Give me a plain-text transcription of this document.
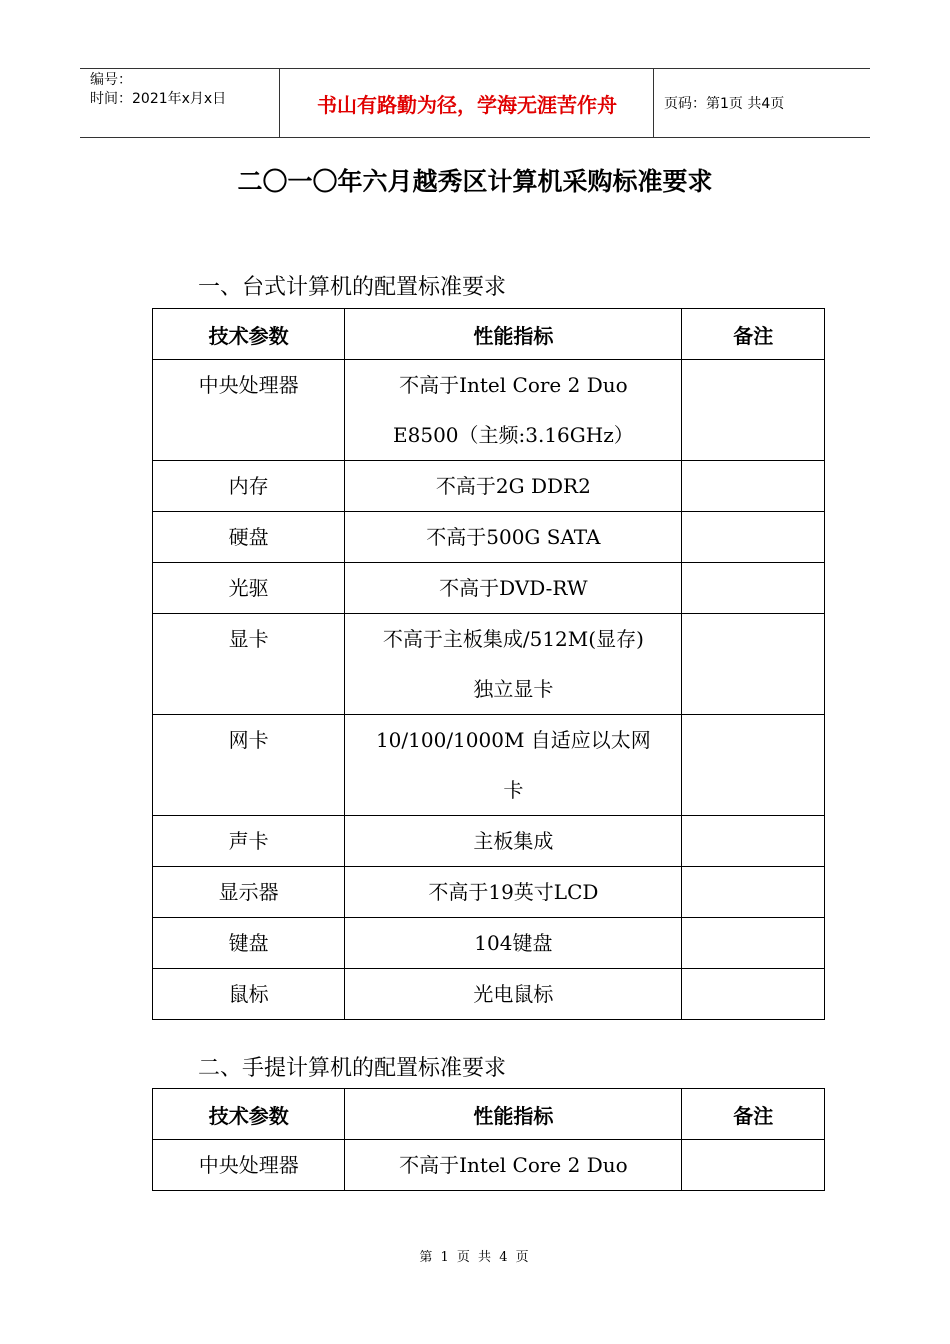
编号：
时间：2021年x月x日	书山有路勤为径，学海无涯苦作舟	页码：第1页 共4页
二〇一〇年六月越秀区计算机采购标准要求
一、台式计算机的配置标准要求
技术参数	性能指标	备注
中央处理器	不高于Intel Core 2 Duo
E8500（主频:3.16GHz）	

内存	不高于2G DDR2	

硬盘	不高于500G SATA	

光驱	不高于DVD-RW	

显卡	不高于主板集成/512M(显存)
独立显卡	

网卡	10/100/1000M 自适应以太网
卡	

声卡	主板集成	

显示器	不高于19英寸LCD	

键盘	104键盘	

鼠标	光电鼠标	

二、手提计算机的配置标准要求
技术参数	性能指标	备注
中央处理器	不高于Intel Core 2 Duo	

第 1 页 共 4 页
